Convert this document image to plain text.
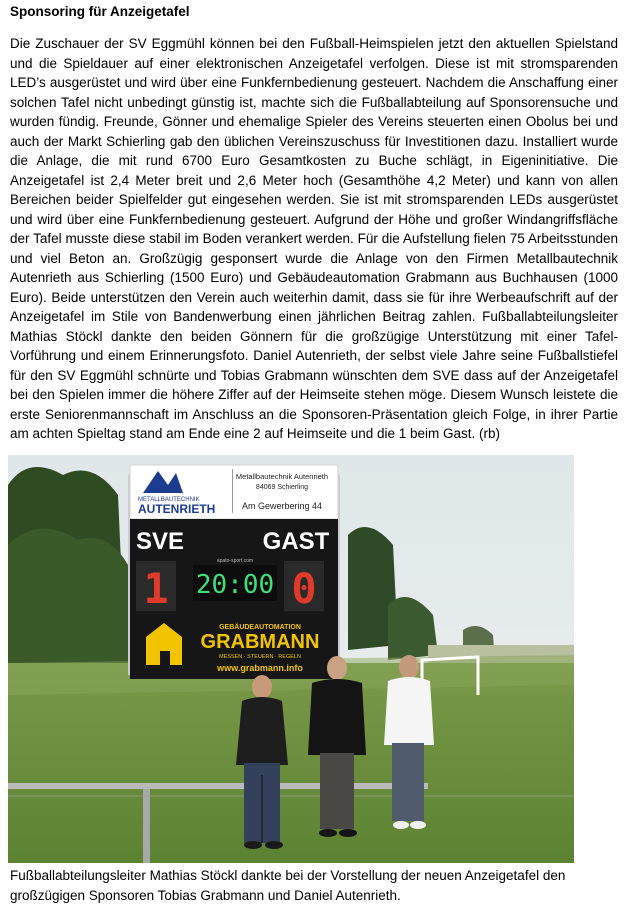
Sponsoring für Anzeigetafel

Die Zuschauer der SV Eggmühl können bei den Fußball-Heimspielen jetzt den aktuellen Spielstand und die Spieldauer auf einer elektronischen Anzeigetafel verfolgen. Diese ist mit stromsparenden LED’s ausgerüstet und wird über eine Funkfernbedienung gesteuert. Nachdem die Anschaffung einer solchen Tafel nicht unbedingt günstig ist, machte sich die Fußballabteilung auf Sponsorensuche und wurden fündig. Freunde, Gönner und ehemalige Spieler des Vereins steuerten einen Obolus bei und auch der Markt Schierling gab den üblichen Vereinszuschuss für Investitionen dazu. Installiert wurde die Anlage, die mit rund 6700 Euro Gesamtkosten zu Buche schlägt, in Eigeninitiative. Die Anzeigetafel ist 2,4 Meter breit und 2,6 Meter hoch (Gesamthöhe 4,2 Meter) und kann von allen Bereichen beider Spielfelder gut eingesehen werden. Sie ist mit stromsparenden LEDs ausgerüstet und wird über eine Funkfernbedienung gesteuert. Aufgrund der Höhe und großer Windangriffsfläche der Tafel musste diese stabil im Boden verankert werden. Für die Aufstellung fielen 75 Arbeitsstunden und viel Beton an. Großzügig gesponsert wurde die Anlage von den Firmen Metallbautechnik Autenrieth aus Schierling (1500 Euro) und Gebäudeautomation Grabmann aus Buchhausen (1000 Euro). Beide unterstützen den Verein auch weiterhin damit, dass sie für ihre Werbeaufschrift auf der Anzeigetafel im Stile von Bandenwerbung einen jährlichen Beitrag zahlen. Fußballabteilungsleiter Mathias Stöckl dankte den beiden Gönnern für die großzügige Unterstützung mit einer Tafel-Vorführung und einem Erinnerungsfoto. Daniel Autenrieth, der selbst viele Jahre seine Fußballstiefel für den SV Eggmühl schnürte und Tobias Grabmann wünschten dem SVE dass auf der Anzeigetafel bei den Spielen immer die höhere Ziffer auf der Heimseite stehen möge. Diesem Wunsch leistete die erste Seniorenmannschaft im Anschluss an die Sponsoren-Präsentation gleich Folge, in ihrer Partie am achten Spieltag stand am Ende eine 2 auf Heimseite und die 1 beim Gast. (rb)

METALLBAUTECHNIK
AUTENRIETH
Metallbautechnik Autenrieth
84069 Schierling
Am Gewerbering 44
SVE	GAST
1	0
20:00
apato-sport.com
GEBÄUDEAUTOMATION
GRABMANN
MESSEN · STEUERN · REGELN
www.grabmann.info

Fußballabteilungsleiter Mathias Stöckl dankte bei der Vorstellung der neuen Anzeigetafel den großzügigen Sponsoren Tobias Grabmann und Daniel Autenrieth.
